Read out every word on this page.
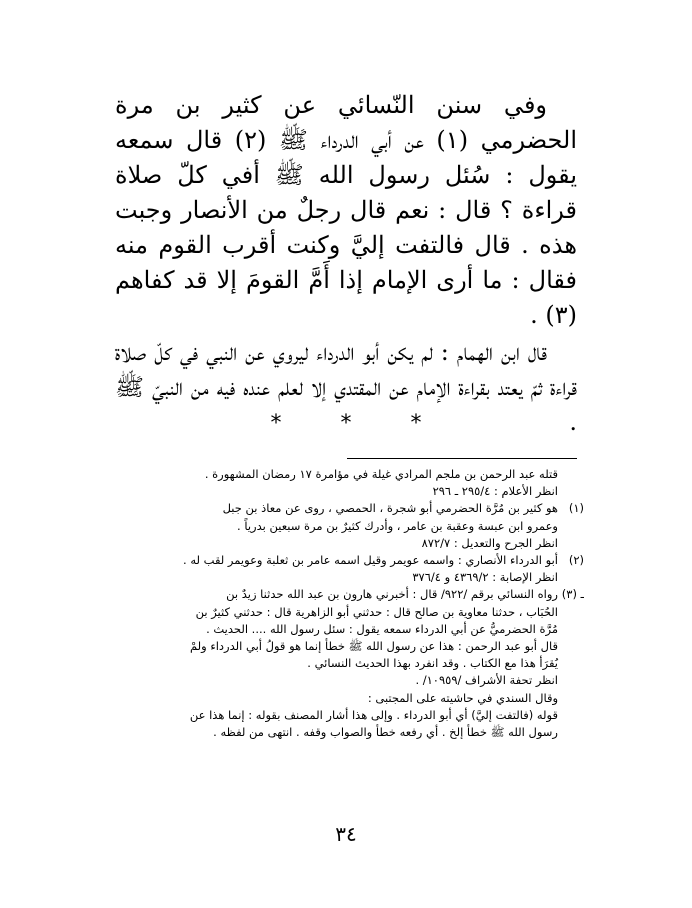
وفي سنن النّسائي عن كثير بن مرة الحضرمي (١) عن أبي الدرداء ﷺ (٢) قال سمعه يقول : سُئل رسول الله ﷺ أفي كلّ صلاة قراءة ؟ قال : نعم قال رجلٌ من الأنصار وجبت هذه . قال فالتفت إليَّ وكنت أقرب القوم منه فقال : ما أرى الإمام إذا أَمَّ القومَ إلا قد كفاهم (٣) .

قال ابن الهمام : لم يكن أبو الدرداء ليروي عن النبي في كلّ صلاة قراءة ثمّ يعتد بقراءة الإمام عن المقتدي إلا لعلم عنده فيه من النبيّ ﷺ .

*	*	*
قتله عبد الرحمن بن ملجم المرادي غيلة في مؤامرة ١٧ رمضان المشهورة .
انظر الأعلام : ٢٩٥/٤ ـ ٢٩٦
(١)هو كثير بن مُرَّة الحضرمي أبو شجرة ، الحمصي ، روى عن معاذ بن جبل
وعمرو ابن عبسة وعقبة بن عامر ، وأدرك كثيرٌ بن مرة سبعين بدرياً .
انظر الجرح والتعديل : ٨٧٢/٧
(٢)أبو الدرداء الأنصاري : واسمه عويمر وقيل اسمه عامر بن ثعلبة وعويمر لقب له .
انظر الإصابة : ٤٣٦٩/٢ و ٣٧٦/٤
ـ (٣)رواه النسائي برقم /٩٢٢/ قال : أخبرني هارون بن عبد الله حدثنا زيدٌ بن
الحُبَاب ، حدثنا معاوية بن صالح قال : حدثني أبو الزاهرية قال : حدثني كثيرٌ بن
مُرَّة الحضرميُّ عن أبي الدرداء سمعه يقول : سئل رسول الله .... الحديث .
قال أبو عبد الرحمن : هذا عن رسول الله ﷺ خطأ إنما هو قولُ أبي الدرداء ولمْ
يُقرَأ هذا مع الكتاب . وقد انفرد بهذا الحديث النسائي .
انظر تحفة الأشراف /١٠٩٥٩/ .
وقال السندي في حاشيته على المجتبى :
قوله (فالتفت إليَّ) أي أبو الدرداء . وإلى هذا أشار المصنف بقوله : إنما هذا عن
رسول الله ﷺ خطأ إلخ . أي رفعه خطأ والصواب وقفه . انتهى من لفظه .
٣٤
